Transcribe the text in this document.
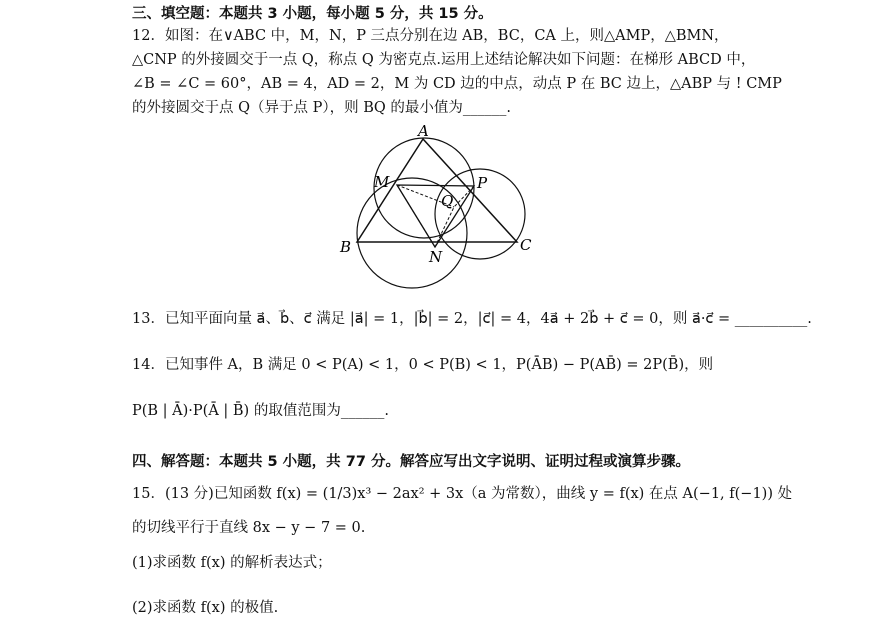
三、填空题：本题共 3 小题，每小题 5 分，共 15 分。
12．如图：在∨ABC 中，M，N，P 三点分别在边 AB，BC，CA 上，则△AMP，△BMN，
△CNP 的外接圆交于一点 Q，称点 Q 为密克点.运用上述结论解决如下问题：在梯形 ABCD 中，
∠B = ∠C = 60°，AB = 4，AD = 2，M 为 CD 边的中点，动点 P 在 BC 边上，△ABP 与 ! CMP
的外接圆交于点 Q（异于点 P），则 BQ 的最小值为______.
A
M	P
Q
B
N
C
13．已知平面向量 a⃗、b⃗、c⃗ 满足 |a⃗| = 1，|b⃗| = 2，|c⃗| = 4，4a⃗ + 2b⃗ + c⃗ = 0，则 a⃗·c⃗ = __________.
14．已知事件 A，B 满足 0 < P(A) < 1，0 < P(B) < 1，P(ĀB) − P(AB̄) = 2P(B̄)，则
P(B | Ā)·P(Ā | B̄) 的取值范围为______.
四、解答题：本题共 5 小题，共 77 分。解答应写出文字说明、证明过程或演算步骤。
15．(13 分)已知函数 f(x) = (1/3)x³ − 2ax² + 3x（a 为常数），曲线 y = f(x) 在点 A(−1, f(−1)) 处
的切线平行于直线 8x − y − 7 = 0.
(1)求函数 f(x) 的解析表达式；
(2)求函数 f(x) 的极值.
